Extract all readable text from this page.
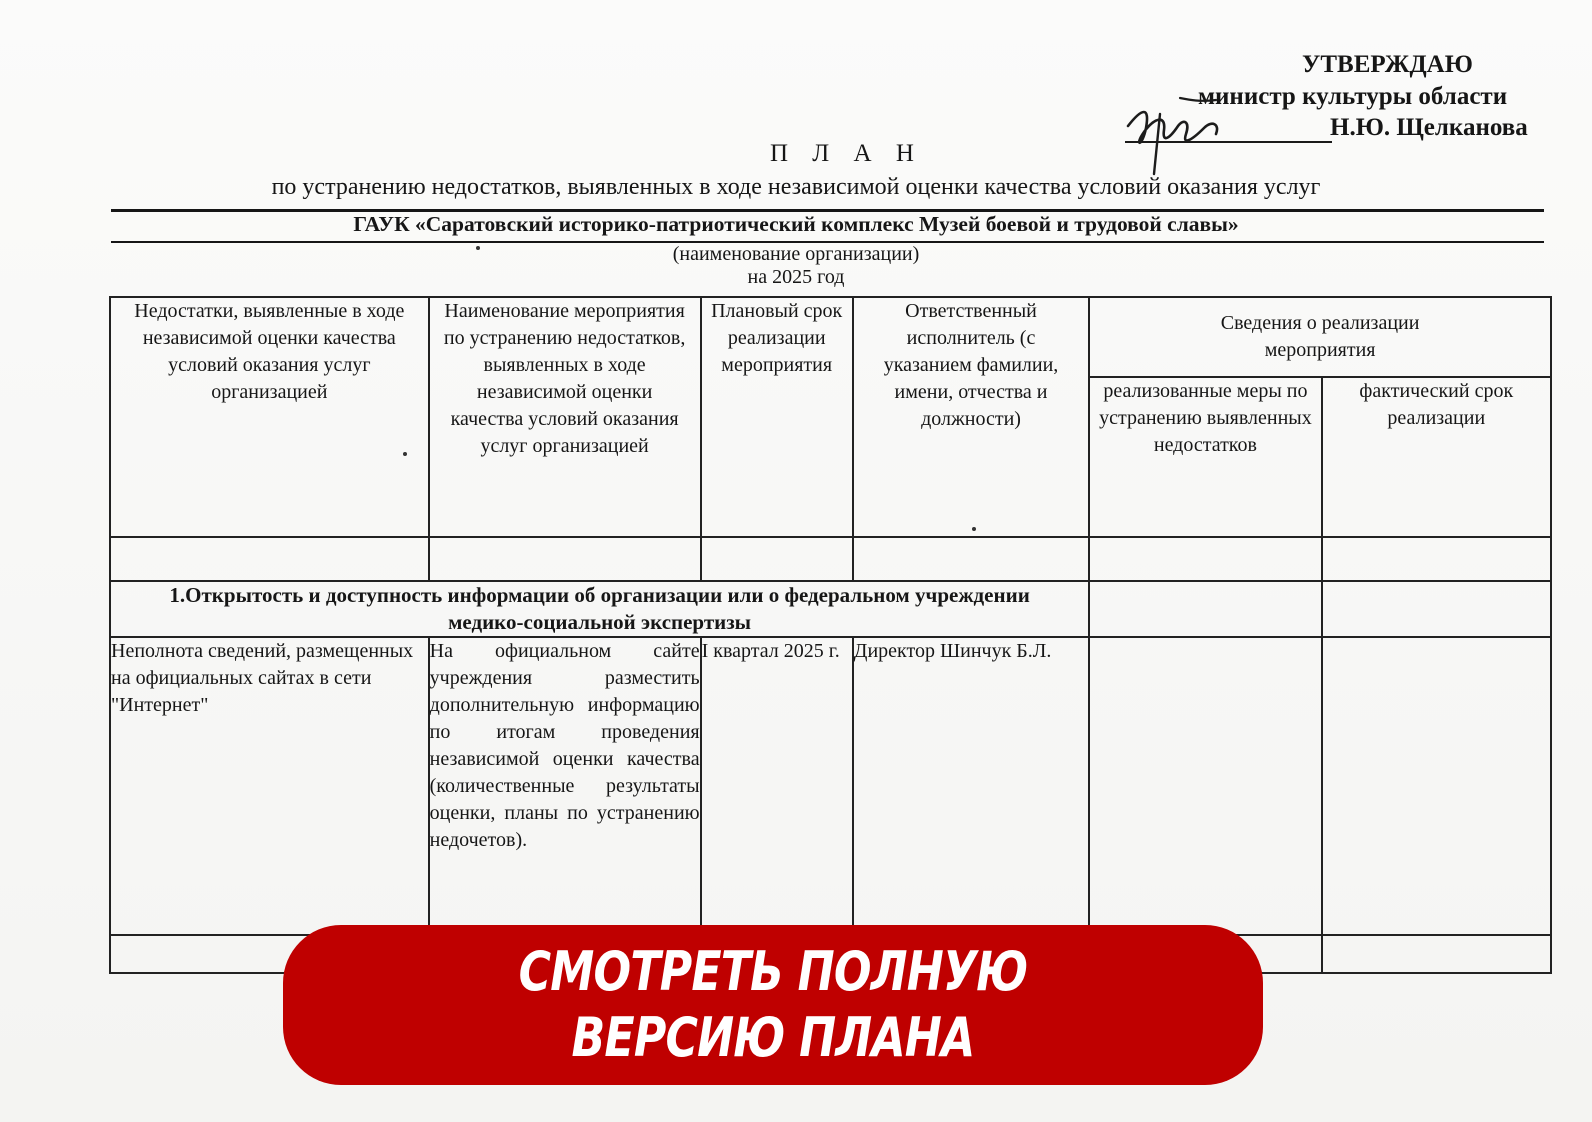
УТВЕРЖДАЮ
министр культуры области
Н.Ю. Щелканова
П Л А Н
по устранению недостатков, выявленных в ходе независимой оценки качества условий оказания услуг
ГАУК «Саратовский историко-патриотический комплекс Музей боевой и трудовой славы»
(наименование организации)
на 2025 год
Недостатки, выявленные в ходе независимой оценки качества условий оказания услуг организацией	Наименование мероприятия по устранению недостатков, выявленных в ходе независимой оценки качества условий оказания услуг организацией	Плановый срок реализации мероприятия	Ответственный исполнитель (с указанием фамилии, имени, отчества и должности)	Сведения о реализации мероприятия	

				реализованные меры по устранению выявленных недостатков	фактический срок реализации

1.Открытость и доступность информации об организации или о федеральном учреждении медико-социальной экспертизы					

Неполнота сведений, размещенных на официальных сайтах в сети "Интернет"	На официальном сайте учреждения разместить дополнительную информацию по итогам проведения независимой оценки качества (количественные результаты оценки, планы по устранению недочетов).	I квартал 2025 г.	Директор Шинчук Б.Л.		

СМОТРЕТЬ ПОЛНУЮ
ВЕРСИЮ ПЛАНА
